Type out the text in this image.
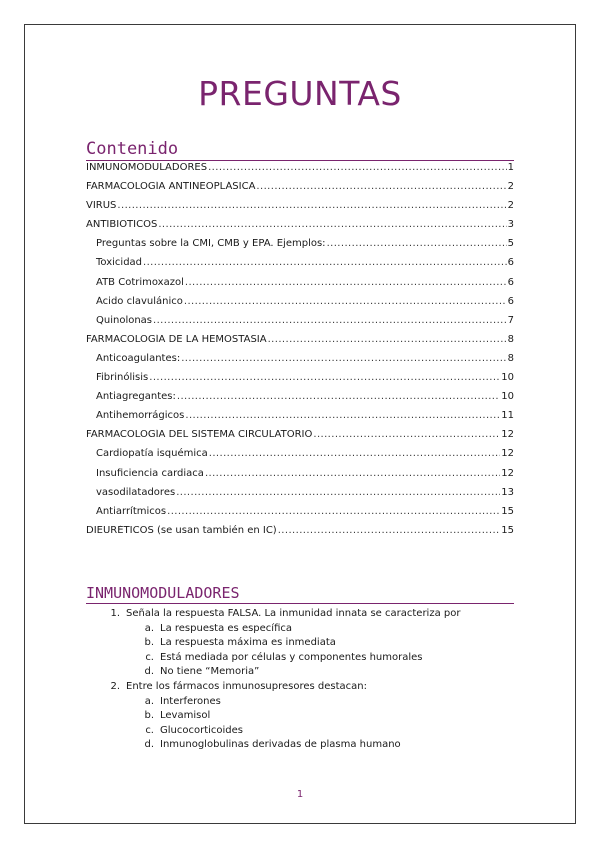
PREGUNTAS
Contenido
INMUNOMODULADORES .....	1
FARMACOLOGÍA ANTINEOPLÁSICA .....	2
VIRUS .....	2
ANTIBIÓTICOS .....	3
Preguntas sobre la CMI, CMB y EPA. Ejemplos: .....	5
Toxicidad .....	6
ATB Cotrimoxazol .....	6
Ácido clavulánico .....	6
Quinolonas .....	7
FARMACOLOGÍA DE LA HEMOSTASIA .....	8
Anticoagulantes: .....	8
Fibrinólisis .....	10
Antiagregantes: .....	10
Antihemorrágicos .....	11
FARMACOLOGÍA DEL SISTEMA CIRCULATORIO .....	12
Cardiopatía isquémica .....	12
Insuficiencia cardiaca .....	12
vasodilatadores .....	13
Antiarrítmicos .....	15
DIEURÉTICOS (se usan también en IC) .....	15
INMUNOMODULADORES
1. Señala la respuesta FALSA. La inmunidad innata se caracteriza por
a. La respuesta es específica
b. La respuesta máxima es inmediata
c. Está mediada por células y componentes humorales
d. No tiene “Memoria”
2. Entre los fármacos inmunosupresores destacan:
a. Interferones
b. Levamisol
c. Glucocorticoides
d. Inmunoglobulinas derivadas de plasma humano
1
